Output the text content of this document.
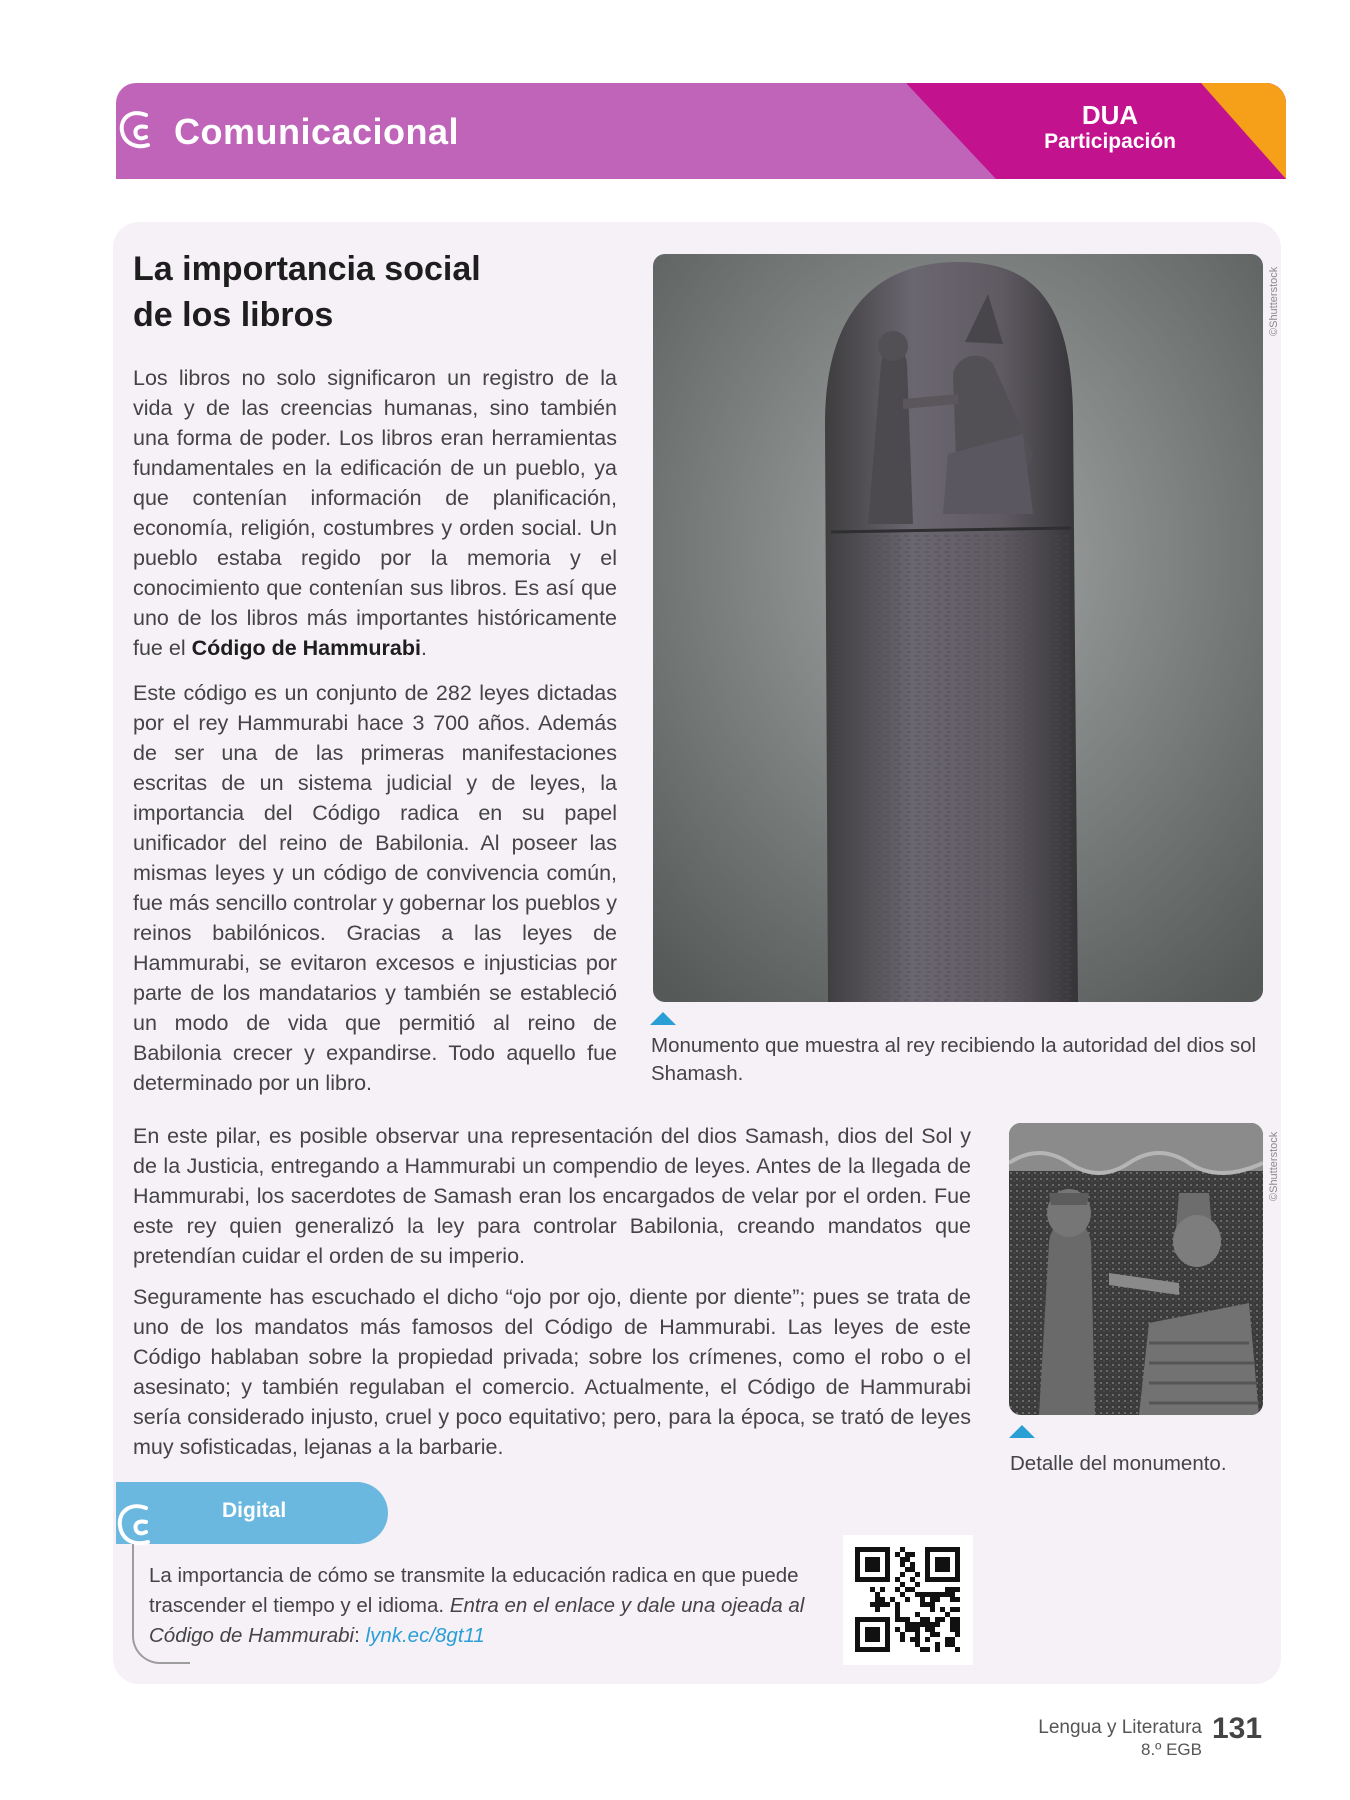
Comunicacional	DUA
Participación
La importancia social
de los libros

Los libros no solo significaron un registro de la vida y de las creencias humanas, sino también una forma de poder. Los libros eran herramientas fundamentales en la edificación de un pueblo, ya que contenían información de planificación, economía, religión, costumbres y orden social. Un pueblo estaba regido por la memoria y el conocimiento que contenían sus libros. Es así que uno de los libros más importantes históricamente fue el Código de Hammurabi.

Este código es un conjunto de 282 leyes dictadas por el rey Hammurabi hace 3 700 años. Además de ser una de las primeras manifestaciones escritas de un sistema judicial y de leyes, la importancia del Código radica en su papel unificador del reino de Babilonia. Al poseer las mismas leyes y un código de convivencia común, fue más sencillo controlar y gobernar los pueblos y reinos babilónicos. Gracias a las leyes de Hammurabi, se evitaron excesos e injusticias por parte de los mandatarios y también se estableció un modo de vida que permitió al reino de Babilonia crecer y expandirse. Todo aquello fue determinado por un libro.

©Shutterstock
Monumento que muestra al rey recibiendo la autoridad del dios sol Shamash.

En este pilar, es posible observar una representación del dios Samash, dios del Sol y de la Justicia, entregando a Hammurabi un compendio de leyes. Antes de la llegada de Hammurabi, los sacerdotes de Samash eran los encargados de velar por el orden. Fue este rey quien generalizó la ley para controlar Babilonia, creando mandatos que pretendían cuidar el orden de su imperio.

Seguramente has escuchado el dicho “ojo por ojo, diente por diente”; pues se trata de uno de los mandatos más famosos del Código de Hammurabi. Las leyes de este Código hablaban sobre la propiedad privada; sobre los crímenes, como el robo o el asesinato; y también regulaban el comercio. Actualmente, el Código de Hammurabi sería considerado injusto, cruel y poco equitativo; pero, para la época, se trató de leyes muy sofisticadas, lejanas a la barbarie.

©Shutterstock
Detalle del monumento.
Digital
La importancia de cómo se transmite la educación radica en que puede trascender el tiempo y el idioma. Entra en el enlace y dale una ojeada al Código de Hammurabi: lynk.ec/8gt11
Lengua y Literatura
8.º EGB
131
